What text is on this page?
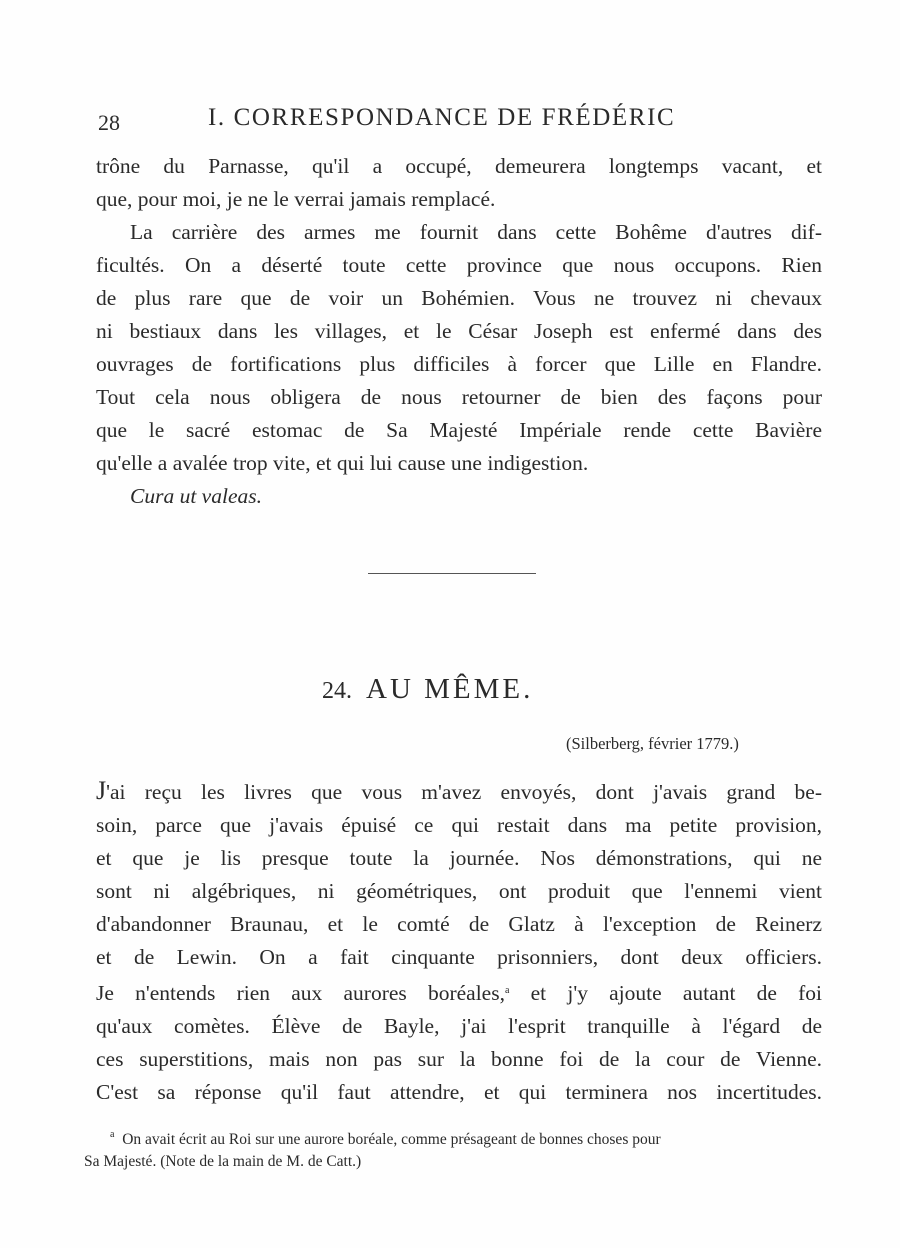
28	I. CORRESPONDANCE DE FRÉDÉRIC
trône du Parnasse, qu'il a occupé, demeurera longtemps vacant, et
que, pour moi, je ne le verrai jamais remplacé.
La carrière des armes me fournit dans cette Bohême d'autres dif-
ficultés. On a déserté toute cette province que nous occupons. Rien
de plus rare que de voir un Bohémien. Vous ne trouvez ni chevaux
ni bestiaux dans les villages, et le César Joseph est enfermé dans des
ouvrages de fortifications plus difficiles à forcer que Lille en Flandre.
Tout cela nous obligera de nous retourner de bien des façons pour
que le sacré estomac de Sa Majesté Impériale rende cette Bavière
qu'elle a avalée trop vite, et qui lui cause une indigestion.
Cura ut valeas.
24. AU MÊME.
(Silberberg, février 1779.)
J'ai reçu les livres que vous m'avez envoyés, dont j'avais grand be-
soin, parce que j'avais épuisé ce qui restait dans ma petite provision,
et que je lis presque toute la journée. Nos démonstrations, qui ne
sont ni algébriques, ni géométriques, ont produit que l'ennemi vient
d'abandonner Braunau, et le comté de Glatz à l'exception de Reinerz
et de Lewin. On a fait cinquante prisonniers, dont deux officiers.
Je n'entends rien aux aurores boréales,$^a$ et j'y ajoute autant de foi
qu'aux comètes. Élève de Bayle, j'ai l'esprit tranquille à l'égard de
ces superstitions, mais non pas sur la bonne foi de la cour de Vienne.
C'est sa réponse qu'il faut attendre, et qui terminera nos incertitudes.
$^a$ On avait écrit au Roi sur une aurore boréale, comme présageant de bonnes choses pour
Sa Majesté. (Note de la main de M. de Catt.)
